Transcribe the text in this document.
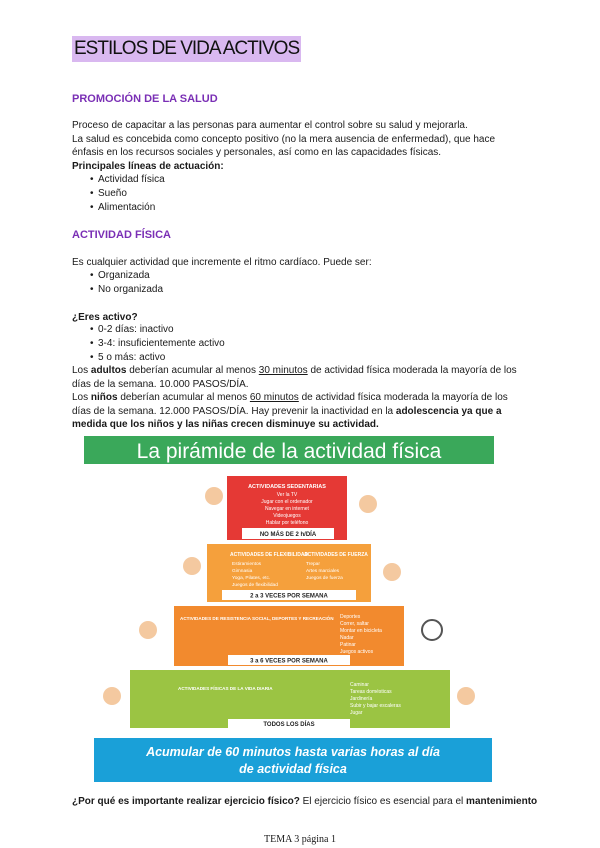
ESTILOS DE VIDA ACTIVOS
PROMOCIÓN DE LA SALUD
Proceso de capacitar a las personas para aumentar el control sobre su salud y mejorarla.
La salud es concebida como concepto positivo (no la mera ausencia de enfermedad), que hace
énfasis en los recursos sociales y personales, así como en las capacidades físicas.
Principales líneas de actuación:
• Actividad física
• Sueño
• Alimentación
ACTIVIDAD FÍSICA
Es cualquier actividad que incremente el ritmo cardíaco. Puede ser:
• Organizada
• No organizada
¿Eres activo?
• 0-2 días: inactivo
• 3-4: insuficientemente activo
• 5 o más: activo
Los adultos deberían acumular al menos 30 minutos de actividad física moderada la mayoría de los
días de la semana. 10.000 PASOS/DÍA.
Los niños deberían acumular al menos 60 minutos de actividad física moderada la mayoría de los
días de la semana. 12.000 PASOS/DÍA. Hay prevenir la inactividad en la adolescencia ya que a
medida que los niños y las niñas crecen disminuye su actividad.
La pirámide de la actividad física
ACTIVIDADES SEDENTARIAS
Ver la TV
Jugar con el ordenador
Navegar en internet
Videojuegos
Hablar por teléfono
NO MÁS DE 2 h/DÍA
ACTIVIDADES DE FLEXIBILIDAD
Estiramientos
Gimnasia
Yoga, Pilates, etc.
Juegos de flexibilidad
ACTIVIDADES DE FUERZA
Trepar
Artes marciales
Juegos de fuerza
2 a 3 VECES POR SEMANA
ACTIVIDADES DE RESISTENCIA SOCIAL, DEPORTES Y RECREACIÓN Deportes
Correr, saltar
Montar en bicicleta
Nadar
Patinar
Juegos activos
3 a 6 VECES POR SEMANA
ACTIVIDADES FÍSICAS DE LA VIDA DIARIA
Caminar
Tareas domésticas
Jardinería
Subir y bajar escaleras
Jugar
TODOS LOS DÍAS
Acumular de 60 minutos hasta varias horas al día
de actividad física
¿Por qué es importante realizar ejercicio físico? El ejercicio físico es esencial para el mantenimiento
TEMA 3 página 1
